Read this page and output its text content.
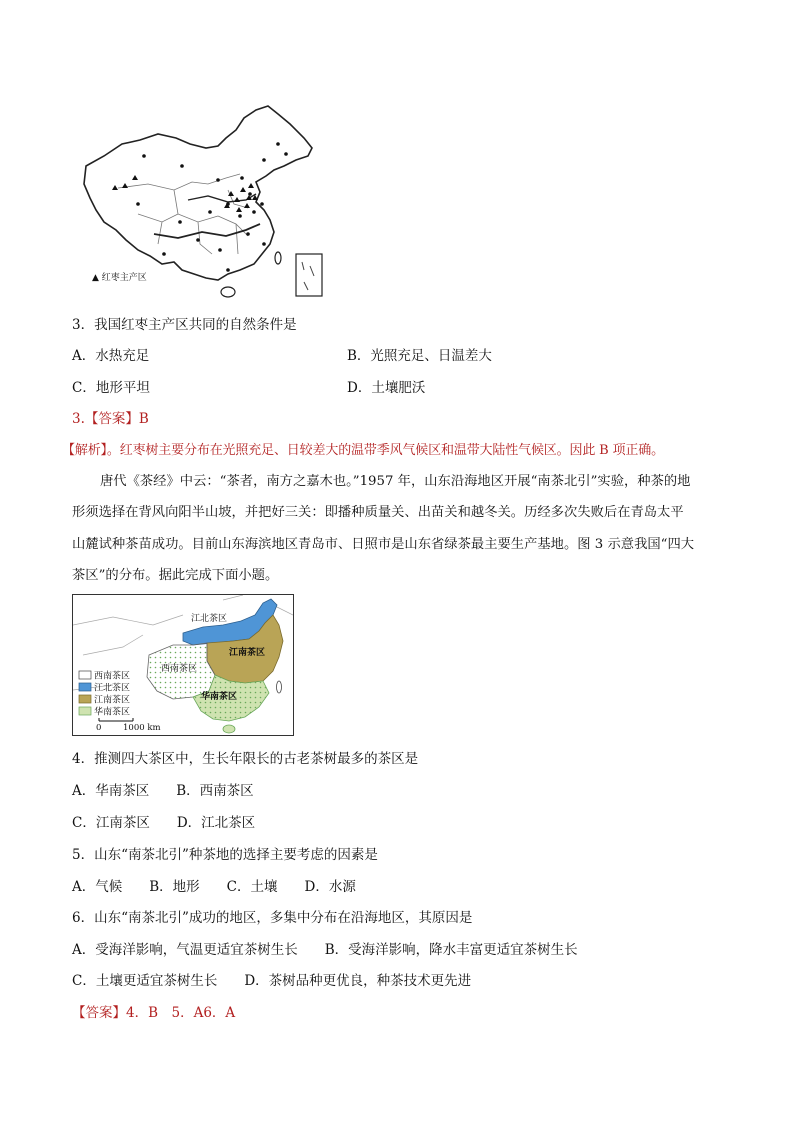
▲ 红枣主产区
3．我国红枣主产区共同的自然条件是
A．水热充足	B．光照充足、日温差大
C．地形平坦	D．土壤肥沃
3.【答案】B
【解析】。红枣树主要分布在光照充足、日较差大的温带季风气候区和温带大陆性气候区。因此 B 项正确。
唐代《茶经》中云：“茶者，南方之嘉木也。”1957 年，山东沿海地区开展“南茶北引”实验，种茶的地
形须选择在背风向阳半山坡，并把好三关：即播种质量关、出苗关和越冬关。历经多次失败后在青岛太平
山麓试种茶苗成功。目前山东海滨地区青岛市、日照市是山东省绿茶最主要生产基地。图 3 示意我国“四大
茶区”的分布。据此完成下面小题。
江北茶区
江南茶区
西南茶区
华南茶区
西南茶区
江北茶区
江南茶区
华南茶区
0	1000 km
4．推测四大茶区中，生长年限长的古老茶树最多的茶区是
A．华南茶区　　B．西南茶区
C．江南茶区　　D．江北茶区
5．山东“南茶北引”种茶地的选择主要考虑的因素是
A．气候　　B．地形　　C．土壤　　D．水源
6．山东“南茶北引”成功的地区，多集中分布在沿海地区，其原因是
A．受海洋影响，气温更适宜茶树生长　　B．受海洋影响，降水丰富更适宜茶树生长
C．土壤更适宜茶树生长　　D．茶树品种更优良，种茶技术更先进
【答案】4．B　5．A6．A
